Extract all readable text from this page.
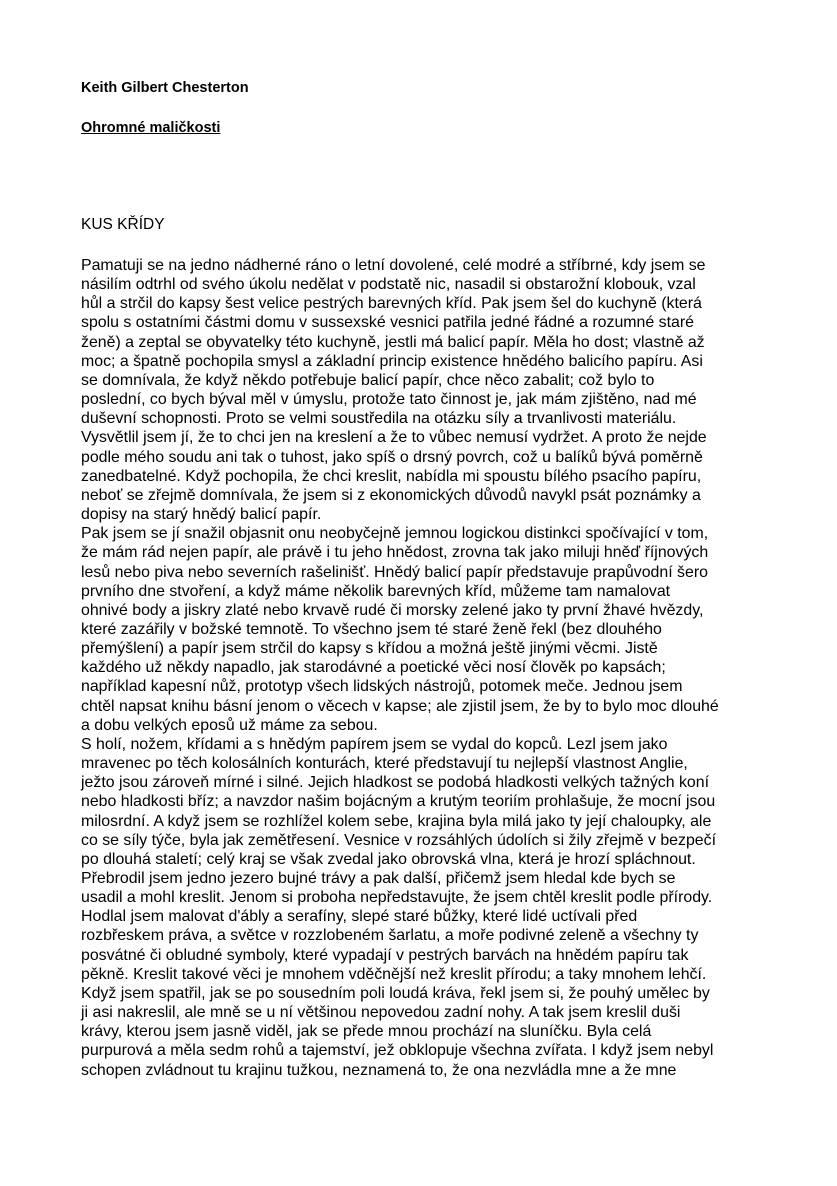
Keith Gilbert Chesterton

Ohromné maličkosti

KUS KŘÍDY

Pamatuji se na jedno nádherné ráno o letní dovolené, celé modré a stříbrné, kdy jsem se
násilím odtrhl od svého úkolu nedělat v podstatě nic, nasadil si obstarožní klobouk, vzal
hůl a strčil do kapsy šest velice pestrých barevných kříd. Pak jsem šel do kuchyně (která
spolu s ostatními částmi domu v sussexské vesnici patřila jedné řádné a rozumné staré
ženě) a zeptal se obyvatelky této kuchyně, jestli má balicí papír. Měla ho dost; vlastně až
moc; a špatně pochopila smysl a základní princip existence hnědého balicího papíru. Asi
se domnívala, že když někdo potřebuje balicí papír, chce něco zabalit; což bylo to
poslední, co bych býval měl v úmyslu, protože tato činnost je, jak mám zjištěno, nad mé
duševní schopnosti. Proto se velmi soustředila na otázku síly a trvanlivosti materiálu.
Vysvětlil jsem jí, že to chci jen na kreslení a že to vůbec nemusí vydržet. A proto že nejde
podle mého soudu ani tak o tuhost, jako spíš o drsný povrch, což u balíků bývá poměrně
zanedbatelné. Když pochopila, že chci kreslit, nabídla mi spoustu bílého psacího papíru,
neboť se zřejmě domnívala, že jsem si z ekonomických důvodů navykl psát poznámky a
dopisy na starý hnědý balicí papír.
Pak jsem se jí snažil objasnit onu neobyčejně jemnou logickou distinkci spočívající v tom,
že mám rád nejen papír, ale právě i tu jeho hnědost, zrovna tak jako miluji hněď říjnových
lesů nebo piva nebo severních rašelinišť. Hnědý balicí papír představuje prapůvodní šero
prvního dne stvoření, a když máme několik barevných kříd, můžeme tam namalovat
ohnivé body a jiskry zlaté nebo krvavě rudé či morsky zelené jako ty první žhavé hvězdy,
které zazářily v božské temnotě. To všechno jsem té staré ženě řekl (bez dlouhého
přemýšlení) a papír jsem strčil do kapsy s křídou a možná ještě jinými věcmi. Jistě
každého už někdy napadlo, jak starodávné a poetické věci nosí člověk po kapsách;
například kapesní nůž, prototyp všech lidských nástrojů, potomek meče. Jednou jsem
chtěl napsat knihu básní jenom o věcech v kapse; ale zjistil jsem, že by to bylo moc dlouhé
a dobu velkých eposů už máme za sebou.
S holí, nožem, křídami a s hnědým papírem jsem se vydal do kopců. Lezl jsem jako
mravenec po těch kolosálních konturách, které představují tu nejlepší vlastnost Anglie,
ježto jsou zároveň mírné i silné. Jejich hladkost se podobá hladkosti velkých tažných koní
nebo hladkosti bříz; a navzdor našim bojácným a krutým teoriím prohlašuje, že mocní jsou
milosrdní. A když jsem se rozhlížel kolem sebe, krajina byla milá jako ty její chaloupky, ale
co se síly týče, byla jak zemětřesení. Vesnice v rozsáhlých údolích si žily zřejmě v bezpečí
po dlouhá staletí; celý kraj se však zvedal jako obrovská vlna, která je hrozí spláchnout.
Přebrodil jsem jedno jezero bujné trávy a pak další, přičemž jsem hledal kde bych se
usadil a mohl kreslit. Jenom si proboha nepředstavujte, že jsem chtěl kreslit podle přírody.
Hodlal jsem malovat d'ábly a serafíny, slepé staré bůžky, které lidé uctívali před
rozbřeskem práva, a světce v rozzlobeném šarlatu, a moře podivné zeleně a všechny ty
posvátné či obludné symboly, které vypadají v pestrých barvách na hnědém papíru tak
pěkně. Kreslit takové věci je mnohem vděčnější než kreslit přírodu; a taky mnohem lehčí.
Když jsem spatřil, jak se po sousedním poli loudá kráva, řekl jsem si, že pouhý umělec by
ji asi nakreslil, ale mně se u ní většinou nepovedou zadní nohy. A tak jsem kreslil duši
krávy, kterou jsem jasně viděl, jak se přede mnou prochází na sluníčku. Byla celá
purpurová a měla sedm rohů a tajemství, jež obklopuje všechna zvířata. I když jsem nebyl
schopen zvládnout tu krajinu tužkou, neznamená to, že ona nezvládla mne a že mne
